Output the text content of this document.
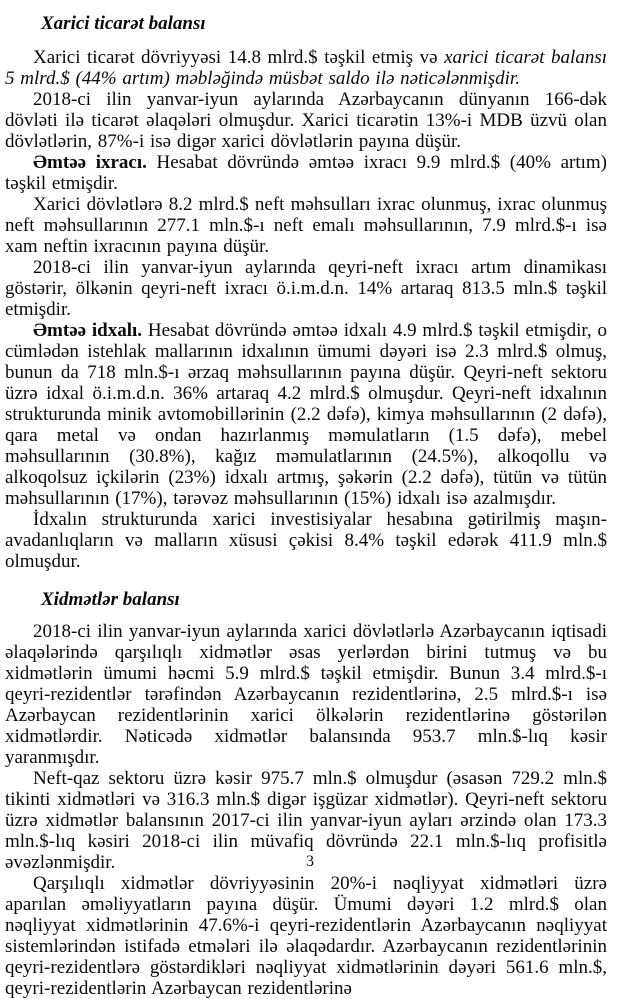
Xarici ticarət balansı

Xarici ticarət dövriyyəsi 14.8 mlrd.$ təşkil etmiş və xarici ticarət balansı 5 mlrd.$ (44% artım) məbləğində müsbət saldo ilə nəticələnmişdir.

2018-ci ilin yanvar-iyun aylarında Azərbaycanın dünyanın 166-dək dövləti ilə ticarət əlaqələri olmuşdur. Xarici ticarətin 13%-i MDB üzvü olan dövlətlərin, 87%-i isə digər xarici dövlətlərin payına düşür.

Əmtəə ixracı. Hesabat dövründə əmtəə ixracı 9.9 mlrd.$ (40% artım) təşkil etmişdir.

Xarici dövlətlərə 8.2 mlrd.$ neft məhsulları ixrac olunmuş, ixrac olunmuş neft məhsullarının 277.1 mln.$-ı neft emalı məhsullarının, 7.9 mlrd.$-ı isə xam neftin ixracının payına düşür.

2018-ci ilin yanvar-iyun aylarında qeyri-neft ixracı artım dinamikası göstərir, ölkənin qeyri-neft ixracı ö.i.m.d.n. 14% artaraq 813.5 mln.$ təşkil etmişdir.

Əmtəə idxalı. Hesabat dövründə əmtəə idxalı 4.9 mlrd.$ təşkil etmişdir, o cümlədən istehlak mallarının idxalının ümumi dəyəri isə 2.3 mlrd.$ olmuş, bunun da 718 mln.$-ı ərzaq məhsullarının payına düşür. Qeyri-neft sektoru üzrə idxal ö.i.m.d.n. 36% artaraq 4.2 mlrd.$ olmuşdur. Qeyri-neft idxalının strukturunda minik avtomobillərinin (2.2 dəfə), kimya məhsullarının (2 dəfə), qara metal və ondan hazırlanmış məmulatların (1.5 dəfə), mebel məhsullarının (30.8%), kağız məmulatlarının (24.5%), alkoqollu və alkoqolsuz içkilərin (23%) idxalı artmış, şəkərin (2.2 dəfə), tütün və tütün məhsullarının (17%), tərəvəz məhsullarının (15%) idxalı isə azalmışdır.

İdxalın strukturunda xarici investisiyalar hesabına gətirilmiş maşın-avadanlıqların və malların xüsusi çəkisi 8.4% təşkil edərək 411.9 mln.$ olmuşdur.

Xidmətlər balansı

2018-ci ilin yanvar-iyun aylarında xarici dövlətlərlə Azərbaycanın iqtisadi əlaqələrində qarşılıqlı xidmətlər əsas yerlərdən birini tutmuş və bu xidmətlərin ümumi həcmi 5.9 mlrd.$ təşkil etmişdir. Bunun 3.4 mlrd.$-ı qeyri-rezidentlər tərəfindən Azərbaycanın rezidentlərinə, 2.5 mlrd.$-ı isə Azərbaycan rezidentlərinin xarici ölkələrin rezidentlərinə göstərilən xidmətlərdir. Nəticədə xidmətlər balansında 953.7 mln.$-lıq kəsir yaranmışdır.

Neft-qaz sektoru üzrə kəsir 975.7 mln.$ olmuşdur (əsasən 729.2 mln.$ tikinti xidmətləri və 316.3 mln.$ digər işgüzar xidmətlər). Qeyri-neft sektoru üzrə xidmətlər balansının 2017-ci ilin yanvar-iyun ayları ərzində olan 173.3 mln.$-lıq kəsiri 2018-ci ilin müvafiq dövründə 22.1 mln.$-lıq profisitlə əvəzlənmişdir.

Qarşılıqlı xidmətlər dövriyyəsinin 20%-i nəqliyyat xidmətləri üzrə aparılan əməliyyatların payına düşür. Ümumi dəyəri 1.2 mlrd.$ olan nəqliyyat xidmətlərinin 47.6%-i qeyri-rezidentlərin Azərbaycanın nəqliyyat sistemlərindən istifadə etmələri ilə əlaqədardır. Azərbaycanın rezidentlərinin qeyri-rezidentlərə göstərdikləri nəqliyyat xidmətlərinin dəyəri 561.6 mln.$, qeyri-rezidentlərin Azərbaycan rezidentlərinə

3
